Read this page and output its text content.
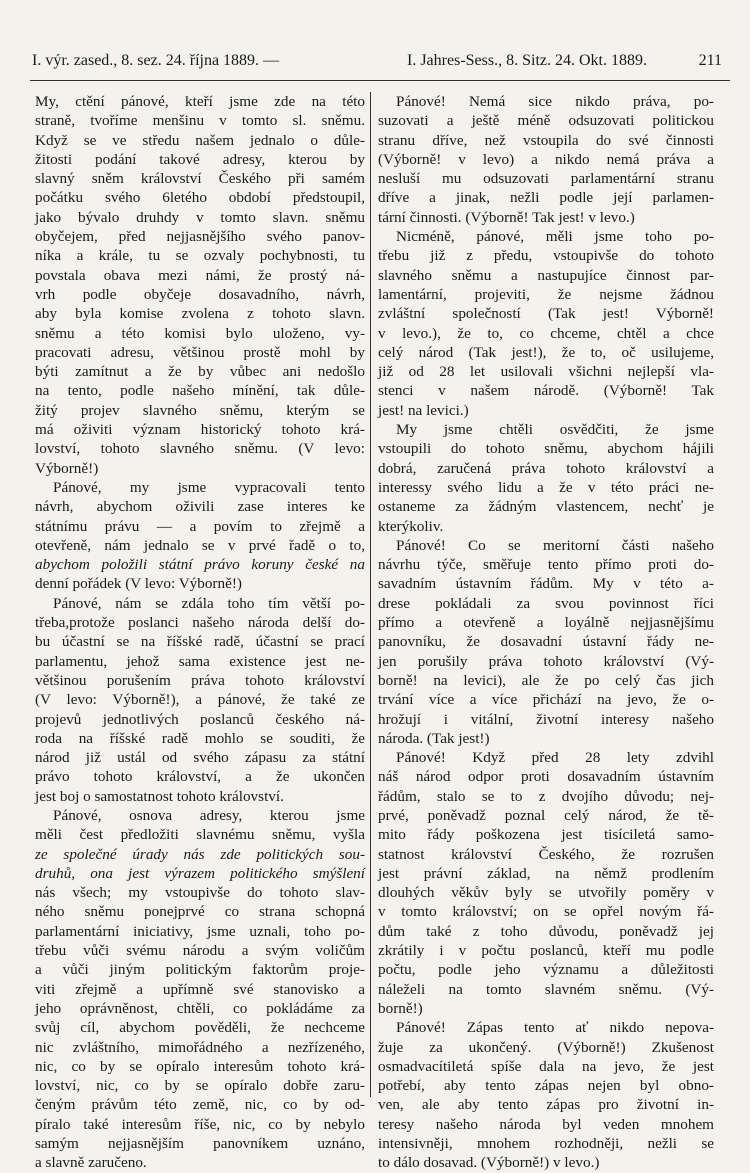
I. výr. zased., 8. sez. 24. října 1889. —	I. Jahres-Sess., 8. Sitz. 24. Okt. 1889.	211
My, ctění pánové, kteří jsme zde na této
straně, tvoříme menšinu v tomto sl. sněmu.
Když se ve středu našem jednalo o důle-
žitosti podání takové adresy, kterou by
slavný sněm království Českého při samém
počátku svého 6letého období předstoupil,
jako bývalo druhdy v tomto slavn. sněmu
obyčejem, před nejjasnějšího svého panov-
níka a krále, tu se ozvaly pochybnosti, tu
povstala obava mezi námi, že prostý ná-
vrh podle obyčeje dosavadního, návrh,
aby byla komise zvolena z tohoto slavn.
sněmu a této komisi bylo uloženo, vy-
pracovati adresu, většinou prostě mohl by
býti zamítnut a že by vůbec ani nedošlo
na tento, podle našeho mínění, tak důle-
žitý projev slavného sněmu, kterým se
má oživiti význam historický tohoto krá-
lovství, tohoto slavného sněmu. (V levo:
Výborně!)
Pánové, my jsme vypracovali tento
návrh, abychom oživili zase interes ke
státnímu právu — a povím to zřejmě a
otevřeně, nám jednalo se v prvé řadě o to,
abychom položili státní právo koruny české na
denní pořádek (V levo: Výborně!)
Pánové, nám se zdála toho tím větší po-
třeba,protože poslanci našeho národa delší do-
bu účastní se na říšské radě, účastní se prací
parlamentu, jehož sama existence jest ne-
většinou porušením práva tohoto království
(V levo: Výborně!), a pánové, že také ze
projevů jednotlivých poslanců českého ná-
roda na říšské radě mohlo se souditi, že
národ již ustál od svého zápasu za státní
právo tohoto království, a že ukončen
jest boj o samostatnost tohoto království.
Pánové, osnova adresy, kterou jsme
měli čest předložiti slavnému sněmu, vyšla
ze společné úrady nás zde politických sou-
druhů, ona jest výrazem politického smýšlení
nás všech; my vstoupivše do tohoto slav-
ného sněmu ponejprvé co strana schopná
parlamentární iniciativy, jsme uznali, toho po-
třebu vůči svému národu a svým voličům
a vůči jiným politickým faktorům proje-
viti zřejmě a upřímně své stanovisko a
jeho oprávněnost, chtěli, co pokládáme za
svůj cíl, abychom pověděli, že nechceme
nic zvláštního, mimořádného a nezřízeného,
nic, co by se opíralo interesům tohoto krá-
lovství, nic, co by se opíralo dobře zaru-
čeným právům této země, nic, co by od-
píralo také interesům říše, nic, co by nebylo
samým nejjasnějším panovníkem uznáno,
a slavně zaručeno.
Pánové! Nemá sice nikdo práva, po-
suzovati a ještě méně odsuzovati politickou
stranu dříve, než vstoupila do své činnosti
(Výborně! v levo) a nikdo nemá práva a
nesluší mu odsuzovati parlamentární stranu
dříve a jinak, nežli podle její parlamen-
tární činnosti. (Výborně! Tak jest! v levo.)
Nicméně, pánové, měli jsme toho po-
třebu již z předu, vstoupivše do tohoto
slavného sněmu a nastupujíce činnost par-
lamentární, projeviti, že nejsme žádnou
zvláštní společností (Tak jest! Výborně!
v levo.), že to, co chceme, chtěl a chce
celý národ (Tak jest!), že to, oč usilujeme,
již od 28 let usilovali všichni nejlepší vla-
stenci v našem národě. (Výborně! Tak
jest! na levici.)
My jsme chtěli osvědčiti, že jsme
vstoupili do tohoto sněmu, abychom hájili
dobrá, zaručená práva tohoto království a
interessy svého lidu a že v této práci ne-
ostaneme za žádným vlastencem, nechť je
kterýkoliv.
Pánové! Co se meritorní části našeho
návrhu týče, směřuje tento přímo proti do-
savadním ústavním řádům. My v této a-
drese pokládali za svou povinnost říci
přímo a otevřeně a loyálně nejjasnějšímu
panovníku, že dosavadní ústavní řády ne-
jen porušily práva tohoto království (Vý-
borně! na levici), ale že po celý čas jich
trvání více a více přichází na jevo, že o-
hrožují i vitální, životní interesy našeho
národa. (Tak jest!)
Pánové! Když před 28 lety zdvihl
náš národ odpor proti dosavadním ústavním
řádům, stalo se to z dvojího důvodu; nej-
prvé, poněvadž poznal celý národ, že tě-
mito řády poškozena jest tisíciletá samo-
statnost království Českého, že rozrušen
jest právní základ, na němž prodlením
dlouhých věkův byly se utvořily poměry v
v tomto království; on se opřel novým řá-
dům také z toho důvodu, poněvadž jej
zkrátily i v počtu poslanců, kteří mu podle
počtu, podle jeho významu a důležitosti
náleželi na tomto slavném sněmu. (Vý-
borně!)
Pánové! Zápas tento ať nikdo nepova-
žuje za ukončený. (Výborně!) Zkušenost
osmadvacítiletá spíše dala na jevo, že jest
potřebí, aby tento zápas nejen byl obno-
ven, ale aby tento zápas pro životní in-
teresy našeho národa byl veden mnohem
intensivněji, mnohem rozhodněji, nežli se
to dálo dosavad. (Výborně!) v levo.)
